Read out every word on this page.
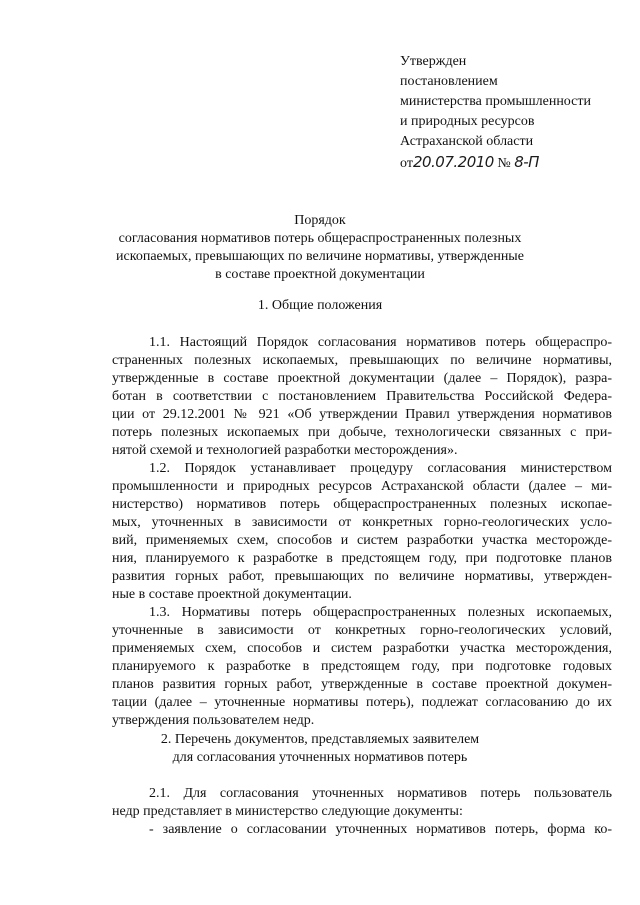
Утвержден
постановлением
министерства промышленности
и природных ресурсов
Астраханской области
от20.07.2010 № 8-П
Порядок
согласования нормативов потерь общераспространенных полезных
ископаемых, превышающих по величине нормативы, утвержденные
в составе проектной документации
1. Общие положения
1.1. Настоящий Порядок согласования нормативов потерь общераспро-
страненных полезных ископаемых, превышающих по величине нормативы,
утвержденные в составе проектной документации (далее – Порядок), разра-
ботан в соответствии с постановлением Правительства Российской Федера-
ции от 29.12.2001 № 921 «Об утверждении Правил утверждения нормативов
потерь полезных ископаемых при добыче, технологически связанных с при-
нятой схемой и технологией разработки месторождения».
1.2. Порядок устанавливает процедуру согласования министерством
промышленности и природных ресурсов Астраханской области (далее – ми-
нистерство) нормативов потерь общераспространенных полезных ископае-
мых, уточненных в зависимости от конкретных горно-геологических усло-
вий, применяемых схем, способов и систем разработки участка месторожде-
ния, планируемого к разработке в предстоящем году, при подготовке планов
развития горных работ, превышающих по величине нормативы, утвержден-
ные в составе проектной документации.
1.3. Нормативы потерь общераспространенных полезных ископаемых,
уточненные в зависимости от конкретных горно-геологических условий,
применяемых схем, способов и систем разработки участка месторождения,
планируемого к разработке в предстоящем году, при подготовке годовых
планов развития горных работ, утвержденные в составе проектной докумен-
тации (далее – уточненные нормативы потерь), подлежат согласованию до их
утверждения пользователем недр.
2. Перечень документов, представляемых заявителем
для согласования уточненных нормативов потерь
2.1. Для согласования уточненных нормативов потерь пользователь
недр представляет в министерство следующие документы:
- заявление о согласовании уточненных нормативов потерь, форма ко-
